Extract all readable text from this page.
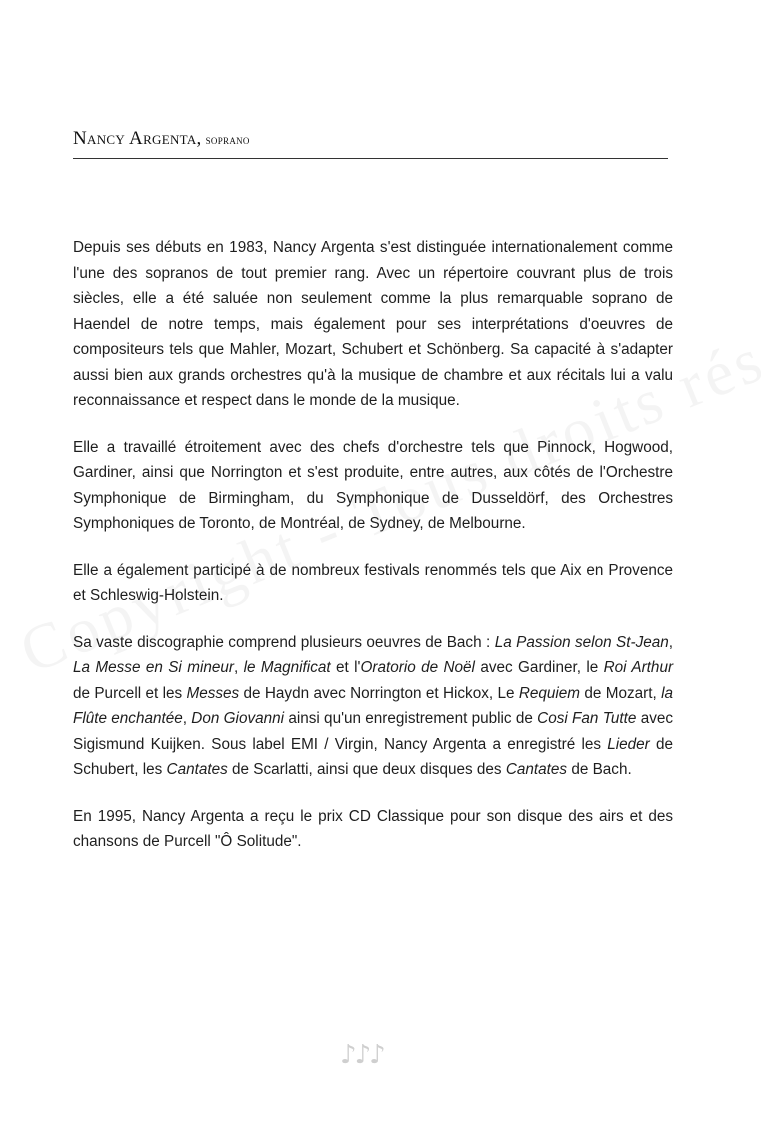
Nancy Argenta, soprano

Depuis ses débuts en 1983, Nancy Argenta s'est distinguée internationalement comme l'une des sopranos de tout premier rang. Avec un répertoire couvrant plus de trois siècles, elle a été saluée non seulement comme la plus remarquable soprano de Haendel de notre temps, mais également pour ses interprétations d'oeuvres de compositeurs tels que Mahler, Mozart, Schubert et Schönberg. Sa capacité à s'adapter aussi bien aux grands orchestres qu'à la musique de chambre et aux récitals lui a valu reconnaissance et respect dans le monde de la musique.

Elle a travaillé étroitement avec des chefs d'orchestre tels que Pinnock, Hogwood, Gardiner, ainsi que Norrington et s'est produite, entre autres, aux côtés de l'Orchestre Symphonique de Birmingham, du Symphonique de Dusseldörf, des Orchestres Symphoniques de Toronto, de Montréal, de Sydney, de Melbourne.

Elle a également participé à de nombreux festivals renommés tels que Aix en Provence et Schleswig-Holstein.

Sa vaste discographie comprend plusieurs oeuvres de Bach : La Passion selon St-Jean, La Messe en Si mineur, le Magnificat et l'Oratorio de Noël avec Gardiner, le Roi Arthur de Purcell et les Messes de Haydn avec Norrington et Hickox, Le Requiem de Mozart, la Flûte enchantée, Don Giovanni ainsi qu'un enregistrement public de Cosi Fan Tutte avec Sigismund Kuijken. Sous label EMI / Virgin, Nancy Argenta a enregistré les Lieder de Schubert, les Cantates de Scarlatti, ainsi que deux disques des Cantates de Bach.

En 1995, Nancy Argenta a reçu le prix CD Classique pour son disque des airs et des chansons de Purcell "Ô Solitude".

♪♪♪
